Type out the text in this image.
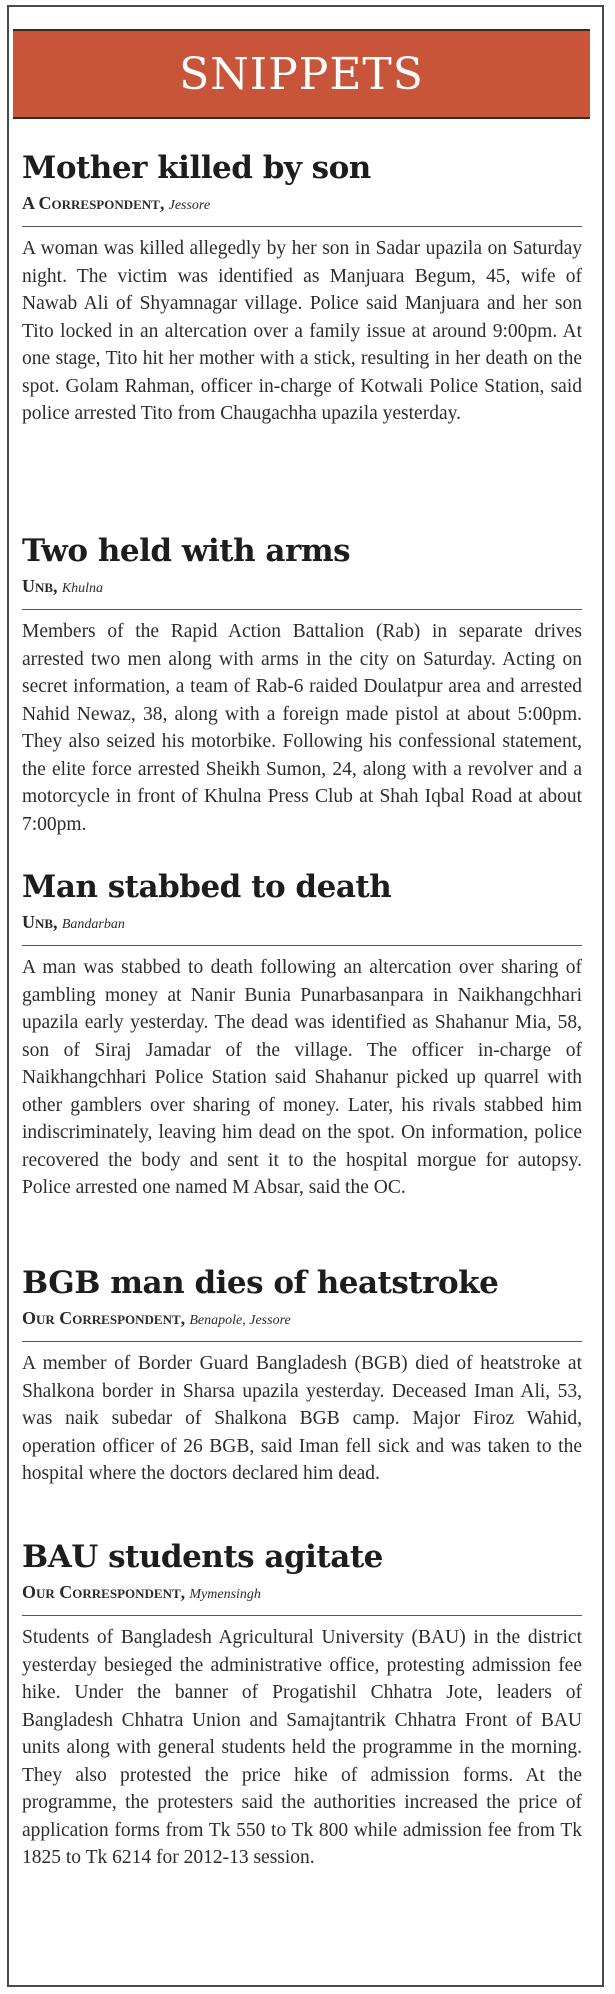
SNIPPETS
Mother killed by son
A Correspondent, Jessore

A woman was killed allegedly by her son in Sadar upazila on Saturday night. The victim was identified as Manjuara Begum, 45, wife of Nawab Ali of Shyamnagar village. Police said Manjuara and her son Tito locked in an altercation over a family issue at around 9:00pm. At one stage, Tito hit her mother with a stick, resulting in her death on the spot. Golam Rahman, officer in-charge of Kotwali Police Station, said police arrested Tito from Chaugachha upazila yesterday.

Two held with arms
Unb, Khulna

Members of the Rapid Action Battalion (Rab) in separate drives arrested two men along with arms in the city on Saturday. Acting on secret information, a team of Rab-6 raided Doulatpur area and arrested Nahid Newaz, 38, along with a foreign made pistol at about 5:00pm. They also seized his motorbike. Following his confessional statement, the elite force arrested Sheikh Sumon, 24, along with a revolver and a motorcycle in front of Khulna Press Club at Shah Iqbal Road at about 7:00pm.

Man stabbed to death
Unb, Bandarban

A man was stabbed to death following an altercation over sharing of gambling money at Nanir Bunia Punarbasanpara in Naikhangchhari upazila early yesterday. The dead was identified as Shahanur Mia, 58, son of Siraj Jamadar of the village. The officer in-charge of Naikhangchhari Police Station said Shahanur picked up quarrel with other gamblers over sharing of money. Later, his rivals stabbed him indiscriminately, leaving him dead on the spot. On information, police recovered the body and sent it to the hospital morgue for autopsy. Police arrested one named M Absar, said the OC.

BGB man dies of heatstroke
Our Correspondent, Benapole, Jessore

A member of Border Guard Bangladesh (BGB) died of heatstroke at Shalkona border in Sharsa upazila yesterday. Deceased Iman Ali, 53, was naik subedar of Shalkona BGB camp. Major Firoz Wahid, operation officer of 26 BGB, said Iman fell sick and was taken to the hospital where the doctors declared him dead.

BAU students agitate
Our Correspondent, Mymensingh

Students of Bangladesh Agricultural University (BAU) in the district yesterday besieged the administrative office, protesting admission fee hike. Under the banner of Progatishil Chhatra Jote, leaders of Bangladesh Chhatra Union and Samajtantrik Chhatra Front of BAU units along with general students held the programme in the morning. They also protested the price hike of admission forms. At the programme, the protesters said the authorities increased the price of application forms from Tk 550 to Tk 800 while admission fee from Tk 1825 to Tk 6214 for 2012-13 session.
